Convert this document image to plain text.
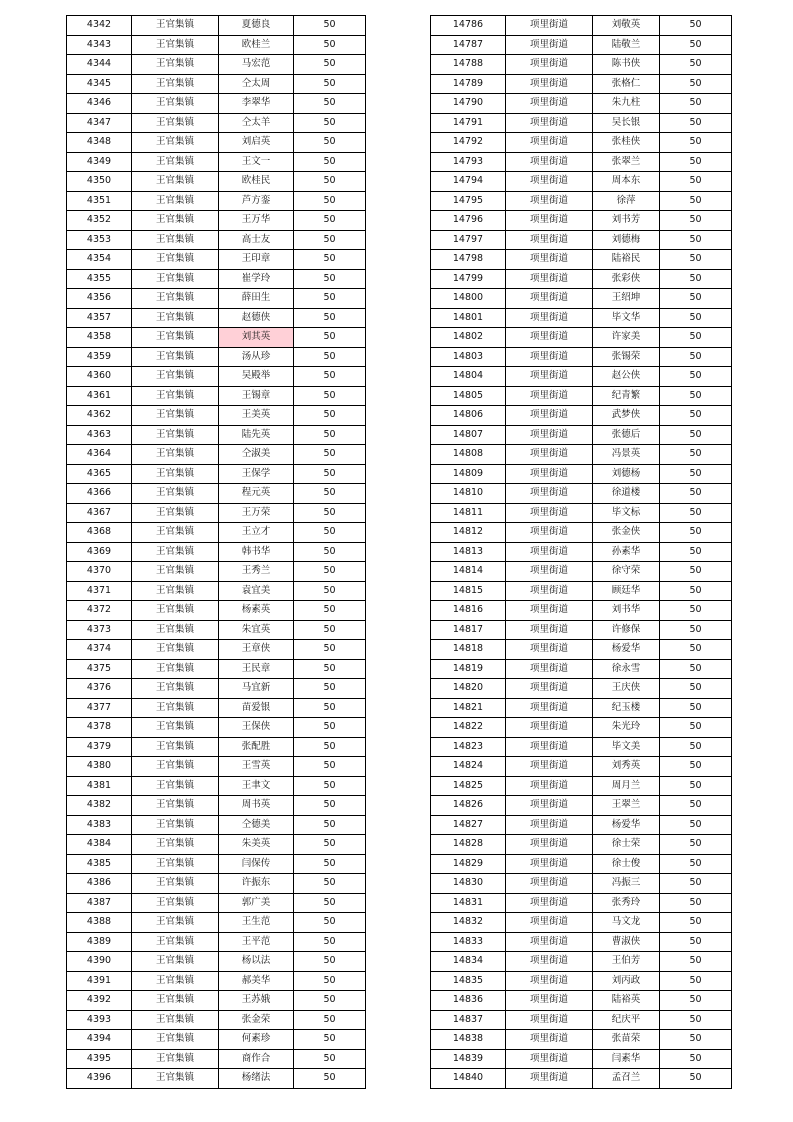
4342	王官集镇	夏德良	50
4343	王官集镇	欧桂兰	50
4344	王官集镇	马宏范	50
4345	王官集镇	仝太周	50
4346	王官集镇	李翠华	50
4347	王官集镇	仝太羊	50
4348	王官集镇	刘启英	50
4349	王官集镇	王文一	50
4350	王官集镇	欧桂民	50
4351	王官集镇	芦方銮	50
4352	王官集镇	王万华	50
4353	王官集镇	高士友	50
4354	王官集镇	王印章	50
4355	王官集镇	崔学玲	50
4356	王官集镇	薛田生	50
4357	王官集镇	赵德侠	50
4358	王官集镇	刘其英	50
4359	王官集镇	汤从珍	50
4360	王官集镇	吴殿举	50
4361	王官集镇	王锡章	50
4362	王官集镇	王美英	50
4363	王官集镇	陆先英	50
4364	王官集镇	仝淑美	50
4365	王官集镇	王保学	50
4366	王官集镇	程元英	50
4367	王官集镇	王万荣	50
4368	王官集镇	王立才	50
4369	王官集镇	韩书华	50
4370	王官集镇	王秀兰	50
4371	王官集镇	袁宜美	50
4372	王官集镇	杨素英	50
4373	王官集镇	朱宜英	50
4374	王官集镇	王章侠	50
4375	王官集镇	王民章	50
4376	王官集镇	马宜新	50
4377	王官集镇	苗爱银	50
4378	王官集镇	王保侠	50
4379	王官集镇	张配胜	50
4380	王官集镇	王雪英	50
4381	王官集镇	王聿文	50
4382	王官集镇	周书英	50
4383	王官集镇	仝德美	50
4384	王官集镇	朱美英	50
4385	王官集镇	闫保传	50
4386	王官集镇	许振东	50
4387	王官集镇	郭广美	50
4388	王官集镇	王生范	50
4389	王官集镇	王平范	50
4390	王官集镇	杨以法	50
4391	王官集镇	郝美华	50
4392	王官集镇	王苏娥	50
4393	王官集镇	张金荣	50
4394	王官集镇	何素珍	50
4395	王官集镇	商作合	50
4396	王官集镇	杨绪法	50
14786	项里街道	刘敬英	50
14787	项里街道	陆敬兰	50
14788	项里街道	陈书侠	50
14789	项里街道	张格仁	50
14790	项里街道	朱九柱	50
14791	项里街道	吴长银	50
14792	项里街道	张桂侠	50
14793	项里街道	张翠兰	50
14794	项里街道	周本东	50
14795	项里街道	徐萍	50
14796	项里街道	刘书芳	50
14797	项里街道	刘德梅	50
14798	项里街道	陆裕民	50
14799	项里街道	张彩侠	50
14800	项里街道	王绍坤	50
14801	项里街道	毕文华	50
14802	项里街道	许家美	50
14803	项里街道	张锡荣	50
14804	项里街道	赵公侠	50
14805	项里街道	纪青繁	50
14806	项里街道	武梦侠	50
14807	项里街道	张德后	50
14808	项里街道	冯景英	50
14809	项里街道	刘德杨	50
14810	项里街道	徐道楼	50
14811	项里街道	毕文标	50
14812	项里街道	张金侠	50
14813	项里街道	孙素华	50
14814	项里街道	徐守荣	50
14815	项里街道	顾廷华	50
14816	项里街道	刘书华	50
14817	项里街道	许修保	50
14818	项里街道	杨爱华	50
14819	项里街道	徐永雪	50
14820	项里街道	王庆侠	50
14821	项里街道	纪玉楼	50
14822	项里街道	朱光玲	50
14823	项里街道	毕文美	50
14824	项里街道	刘秀英	50
14825	项里街道	周月兰	50
14826	项里街道	王翠兰	50
14827	项里街道	杨爱华	50
14828	项里街道	徐士荣	50
14829	项里街道	徐士俊	50
14830	项里街道	冯振三	50
14831	项里街道	张秀玲	50
14832	项里街道	马文龙	50
14833	项里街道	曹淑侠	50
14834	项里街道	王伯芳	50
14835	项里街道	刘丙政	50
14836	项里街道	陆裕英	50
14837	项里街道	纪庆平	50
14838	项里街道	张苗荣	50
14839	项里街道	闫素华	50
14840	项里街道	孟召兰	50
